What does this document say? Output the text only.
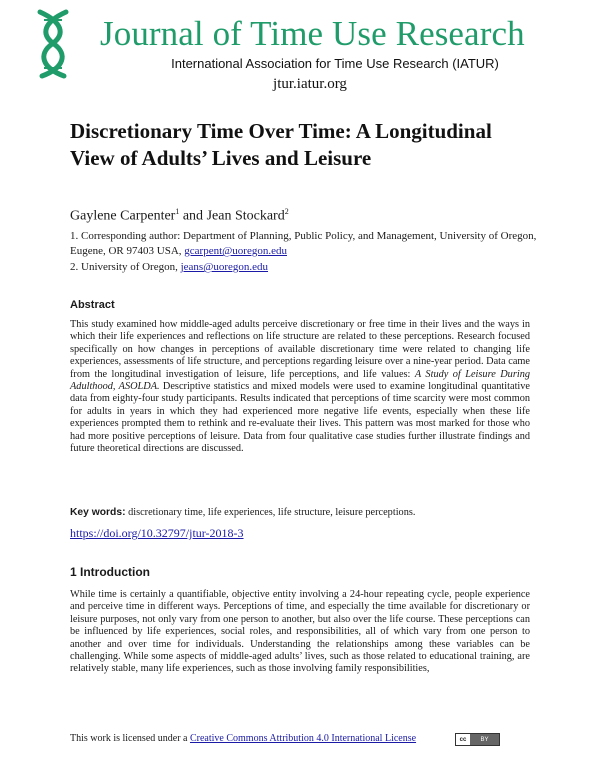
Journal of Time Use Research
International Association for Time Use Research (IATUR)
jtur.iatur.org
Discretionary Time Over Time: A Longitudinal View of Adults’ Lives and Leisure
Gaylene Carpenter$^1$ and Jean Stockard$^2$
1. Corresponding author: Department of Planning, Public Policy, and Management, University of Oregon, Eugene, OR 97403 USA, gcarpent@uoregon.edu
2. University of Oregon, jeans@uoregon.edu
Abstract

This study examined how middle-aged adults perceive discretionary or free time in their lives and the ways in which their life experiences and reflections on life structure are related to these perceptions. Research focused specifically on how changes in perceptions of available discretionary time were related to changing life experiences, assessments of life structure, and perceptions regarding leisure over a nine-year period. Data came from the longitudinal investigation of leisure, life perceptions, and life values: A Study of Leisure During Adulthood, ASOLDA. Descriptive statistics and mixed models were used to examine longitudinal quantitative data from eighty-four study participants. Results indicated that perceptions of time scarcity were most common for adults in years in which they had experienced more negative life events, especially when these life experiences prompted them to rethink and re-evaluate their lives. This pattern was most marked for those who had more positive perceptions of leisure. Data from four qualitative case studies further illustrate findings and future theoretical directions are discussed.

Key words: discretionary time, life experiences, life structure, leisure perceptions.
https://doi.org/10.32797/jtur-2018-3
1 Introduction

While time is certainly a quantifiable, objective entity involving a 24-hour repeating cycle, people experience and perceive time in different ways. Perceptions of time, and especially the time available for discretionary or leisure purposes, not only vary from one person to another, but also over the life course. These perceptions can be influenced by life experiences, social roles, and responsibilities, all of which vary from one person to another and over time for individuals. Understanding the relationships among these variables can be challenging. While some aspects of middle-aged adults’ lives, such as those related to educational training, are relatively stable, many life experiences, such as those involving family responsibilities,

This work is licensed under a Creative Commons Attribution 4.0 International License	cc	BY
